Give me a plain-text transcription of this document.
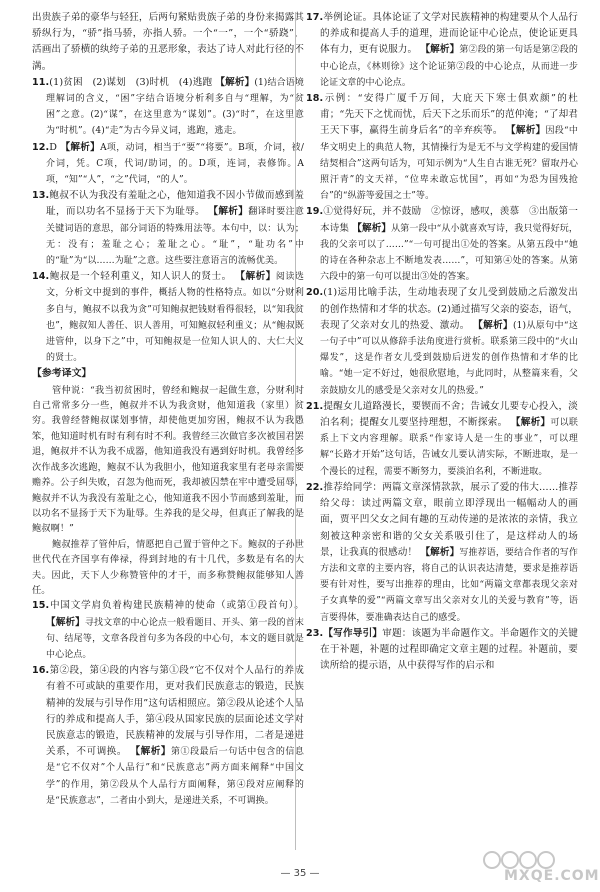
出贵族子弟的豪华与轻狂，后两句紧贴贵族子弟的身份来揭露其骄纵行为，“骄”指马骄，亦指人骄。一个“一”，一个“骄跷”，活画出了骄横的纨绔子弟的丑恶形象，表达了诗人对此行径的不满。

11.(1)贫困　(2)谋划　(3)时机　(4)逃跑 【解析】(1)结合语境理解词的含义，“困”字结合语境分析利多自与“理解，为“贫困”之意。(2)“谋”，在这里意为“谋划”。(3)“时”，在这里意为“时机”。(4)“走”为古今异义词，逃跑，逃走。

12.D 【解析】A项，动词，相当于“要”“将要”。B项，介词，被/介词，凭。C项，代词/助词，的。D项，连词，表修饰。A项，“知”“人”，“之”代词，“的人”。

13.鲍叔不认为我没有羞耻之心，他知道我不因小节做而感到羞耻，而以功名不显扬于天下为耻辱。 【解析】翻译时要注意关键词语的意思，部分词语的特殊用法等。本句中，以：认为；无：没有；羞耻之心；羞耻之心。“耻”，“耻功名”中的“耻”为“以……为耻”之意。这些要注意语言的流畅优美。

14.鲍叔是一个轻利重义，知人识人的贤士。 【解析】阅读选文，分析文中提到的事件，概括人物的性格特点。如以“分财利多自与，鲍叔不以我为贪”可知鲍叔把钱财看得很轻，以“知我贫也”，鲍叔知人善任、识人善用，可知鲍叔轻利重义；从“鲍叔既进管仲，以身下之”中，可知鲍叔是一位知人识人的、大仁大义的贤士。

【参考译文】

管仲说：“我当初贫困时，曾经和鲍叔一起做生意，分财利时自己常常多分一些，鲍叔并不认为我贪财，他知道我（家里）贫穷。我曾经替鲍叔谋划事情，却使他更加穷困，鲍叔不认为我愚笨，他知道时机有时有利有时不利。我曾经三次做官多次被国君罢退，鲍叔并不认为我不成器，他知道我没有遇到好时机。我曾经多次作战多次逃跑，鲍叔不认为我胆小，他知道我家里有老母亲需要赡养。公子纠失败，召忽为他而死，我却被囚禁在牢中遭受屈辱，鲍叔并不认为我没有羞耻之心，他知道我不因小节而感到羞耻，而以功名不显扬于天下为耻辱。生养我的是父母，但真正了解我的是鲍叔啊！”

鲍叔推荐了管仲后，情愿把自己置于管仲之下。鲍叔的子孙世世代代在齐国享有俸禄，得到封地的有十几代，多数是有名的大夫。因此，天下人少称赞管仲的才干，而多称赞鲍叔能够知人善任。

15.中国文学肩负着构建民族精神的使命（或第①段首句）。 【解析】寻找文章的中心论点一般看题目、开头、第一段的首末句、结尾等，文章各段首句多为各段的中心句，本文的题目就是中心论点。

16.第②段，第④段的内容与第①段“它不仅对个人品行的养成有着不可或缺的重要作用，更对我们民族意志的锻造，民族精神的发展与引导作用”这句话相照应。第②段从论述个人品行的养成和提高人手，第④段从国家民族的层面论述文学对民族意志的锻造，民族精神的发展与引导作用，二者是递进关系，不可调换。 【解析】第①段最后一句话中包含的信息是“它不仅对”个人品行”和“民族意志”两方面来阐释“中国文学”的作用，第②段从个人品行方面阐释，第④段对应阐释的是“民族意志”，二者由小到大，是递进关系，不可调换。

17.举例论证。具体论证了文学对民族精神的构建要从个人品行的养成和提高人手的道理，进而论证中心论点，使论证更具体有力，更有说服力。 【解析】第②段的第一句话是第②段的中心论点，《林则徐》这个论证第②段的中心论点，从而进一步论证文章的中心论点。

18.示例：“安得广厦千万间，大庇天下寒士俱欢颜”的杜甫；“先天下之忧而忧，后天下之乐而乐”的范仲淹；“了却君王天下事，赢得生前身后名”的辛弃疾等。 【解析】因段“中华文明史上的典范人物，其情操行为是无不与文学构建的爱国情结契相合”这两句话为，可知示例为“人生自古谁无死？留取丹心照汗青”的文天祥，“位卑未敢忘忧国”，再如“为恐为国残抢台”的“纵游等爱国之士”等。

19.①觉得好玩，并不鼓励　②惊讶，感叹，羡慕　③出版第一本诗集 【解析】从第一段中“从小就喜欢写诗，我只觉得好玩，我的父亲可以了……”“一句可提出①处的答案。从第五段中“她的诗在各种杂志上不断地发表……”，可知第④处的答案。从第六段中的第一句可以提出③处的答案。

20.(1)运用比喻手法，生动地表现了女儿受到鼓励之后激发出的创作热情和才华的状态。(2)通过描写父亲的姿态，语气，表现了父亲对女儿的热爱、激动。 【解析】(1)从原句中“这一句子中”可以从修辞手法角度进行赏析。联系第三段中的“火山爆发”，这是作者女儿受到鼓励后迸发的创作热情和才华的比喻。“她一定不好过，她很欣慰地，与此同时，从整篇来看，父亲鼓励女儿的感受是父亲对女儿的热爱。”

21.提醒女儿道路漫长，要锲而不舍；告诫女儿要专心投入，淡泊名利；提醒女儿要坚持理想，不断探索。 【解析】可以联系上下文内容理解。联系“作家诗人是一生的事业”，可以理解“长路才开始”这句话，告诫女儿要认清实际，不断进取，是一个漫长的过程，需要不断努力，要淡泊名利，不断进取。

22.推荐给同学：两篇文章深情款款，展示了爱的伟大……推荐给父母：读过两篇文章，眼前立即浮现出一幅幅动人的画面，贾平凹父女之间有趣的互动传递的是浓浓的亲情，我立刻被这种亲密和谐的父女关系吸引住了，是这样动人的场景，让我真的很感动！ 【解析】写推荐语，要结合作者的写作方法和文章的主要内容，将自己的认识表达清楚，要求是推荐语要有针对性，要写出推荐的理由，比如“两篇文章都表现父亲对子女真挚的爱”“两篇文章写出父亲对女儿的关爱与教育”等，语言要得体，要准确表达自己的感受。

23.【写作导引】审题：该题为半命题作文。半命题作文的关键在于补题，补题的过程即确定文章主题的过程。补题前，要读所给的提示语，从中获得写作的启示和

— 35 —	MXQE.COM
